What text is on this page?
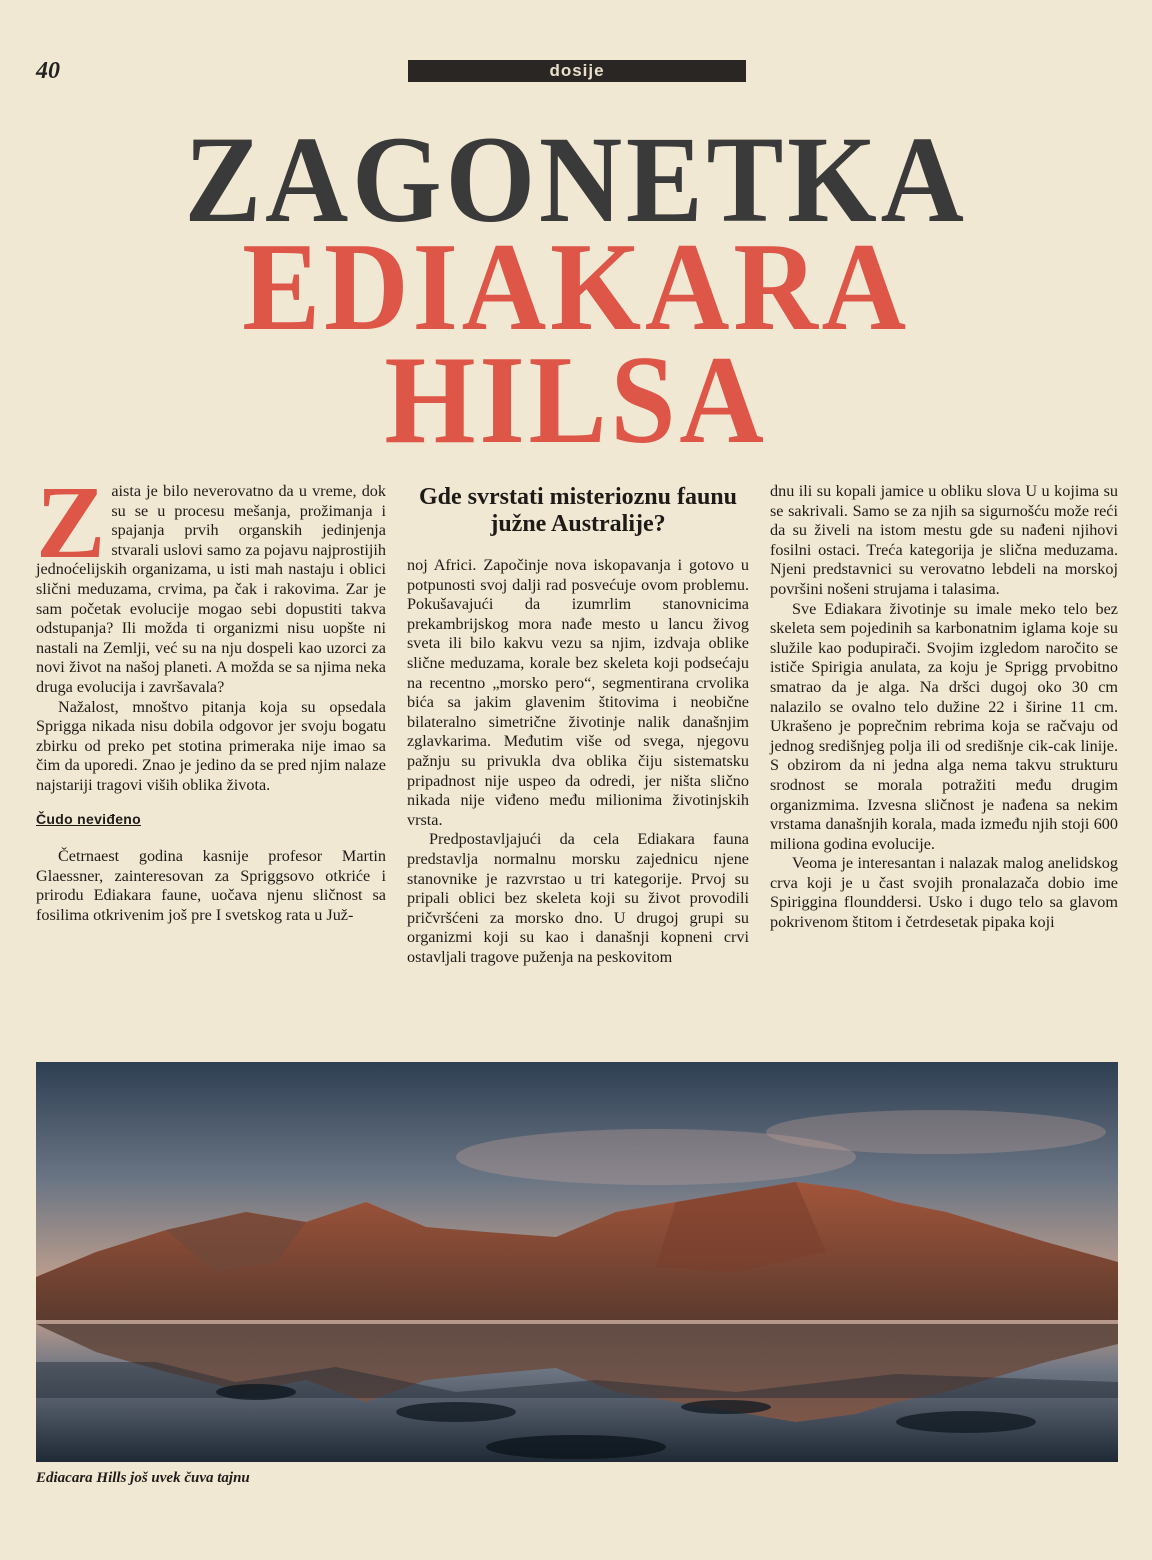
40	dosije
ZAGONETKA
EDIAKARA
HILSA

Zaista je bilo neverovatno da u vreme, dok su se u procesu mešanja, prožimanja i spajanja prvih organskih jedinjenja stvarali uslovi samo za pojavu najprostijih jednoćelijskih organizama, u isti mah nastaju i oblici slični meduzama, crvima, pa čak i rakovima. Zar je sam početak evolucije mogao sebi dopustiti takva odstupanja? Ili možda ti organizmi nisu uopšte ni nastali na Zemlji, već su na nju dospeli kao uzorci za novi život na našoj planeti. A možda se sa njima neka druga evolucija i završavala?

Nažalost, mnoštvo pitanja koja su opsedala Sprigga nikada nisu dobila odgovor jer svoju bogatu zbirku od preko pet stotina primeraka nije imao sa čim da uporedi. Znao je jedino da se pred njim nalaze najstariji tragovi viših oblika života.

Čudo neviđeno

Četrnaest godina kasnije profesor Martin Glaessner, zainteresovan za Spriggsovo otkriće i prirodu Ediakara faune, uočava njenu sličnost sa fosilima otkrivenim još pre I svetskog rata u Juž-

Gde svrstati misterioznu faunu južne Australije?

noj Africi. Započinje nova iskopavanja i gotovo u potpunosti svoj dalji rad posvećuje ovom problemu. Pokušavajući da izumrlim stanovnicima prekambrijskog mora nađe mesto u lancu živog sveta ili bilo kakvu vezu sa njim, izdvaja oblike slične meduzama, korale bez skeleta koji podsećaju na recentno „morsko pero“, segmentirana crvolika bića sa jakim glavenim štitovima i neobične bilateralno simetrične životinje nalik današnjim zglavkarima. Međutim više od svega, njegovu pažnju su privukla dva oblika čiju sistematsku pripadnost nije uspeo da odredi, jer ništa slično nikada nije viđeno među milionima životinjskih vrsta.

Predpostavljajući da cela Ediakara fauna predstavlja normalnu morsku zajednicu njene stanovnike je razvrstao u tri kategorije. Prvoj su pripali oblici bez skeleta koji su život provodili pričvršćeni za morsko dno. U drugoj grupi su organizmi koji su kao i današnji kopneni crvi ostavljali tragove puženja na peskovitom

dnu ili su kopali jamice u obliku slova U u kojima su se sakrivali. Samo se za njih sa sigurnošću može reći da su živeli na istom mestu gde su nađeni njihovi fosilni ostaci. Treća kategorija je slična meduzama. Njeni predstavnici su verovatno lebdeli na morskoj površini nošeni strujama i talasima.

Sve Ediakara životinje su imale meko telo bez skeleta sem pojedinih sa karbonatnim iglama koje su služile kao podupirači. Svojim izgledom naročito se ističe Spirigia anulata, za koju je Sprigg prvobitno smatrao da je alga. Na dršci dugoj oko 30 cm nalazilo se ovalno telo dužine 22 i širine 11 cm. Ukrašeno je poprečnim rebrima koja se račvaju od jednog središnjeg polja ili od središnje cik-cak linije. S obzirom da ni jedna alga nema takvu strukturu srodnost se morala potražiti među drugim organizmima. Izvesna sličnost je nađena sa nekim vrstama današnjih korala, mada između njih stoji 600 miliona godina evolucije.

Veoma je interesantan i nalazak malog anelidskog crva koji je u čast svojih pronalazača dobio ime Spiriggina flounddersi. Usko i dugo telo sa glavom pokrivenom štitom i četrdesetak pipaka koji

Ediacara Hills još uvek čuva tajnu
